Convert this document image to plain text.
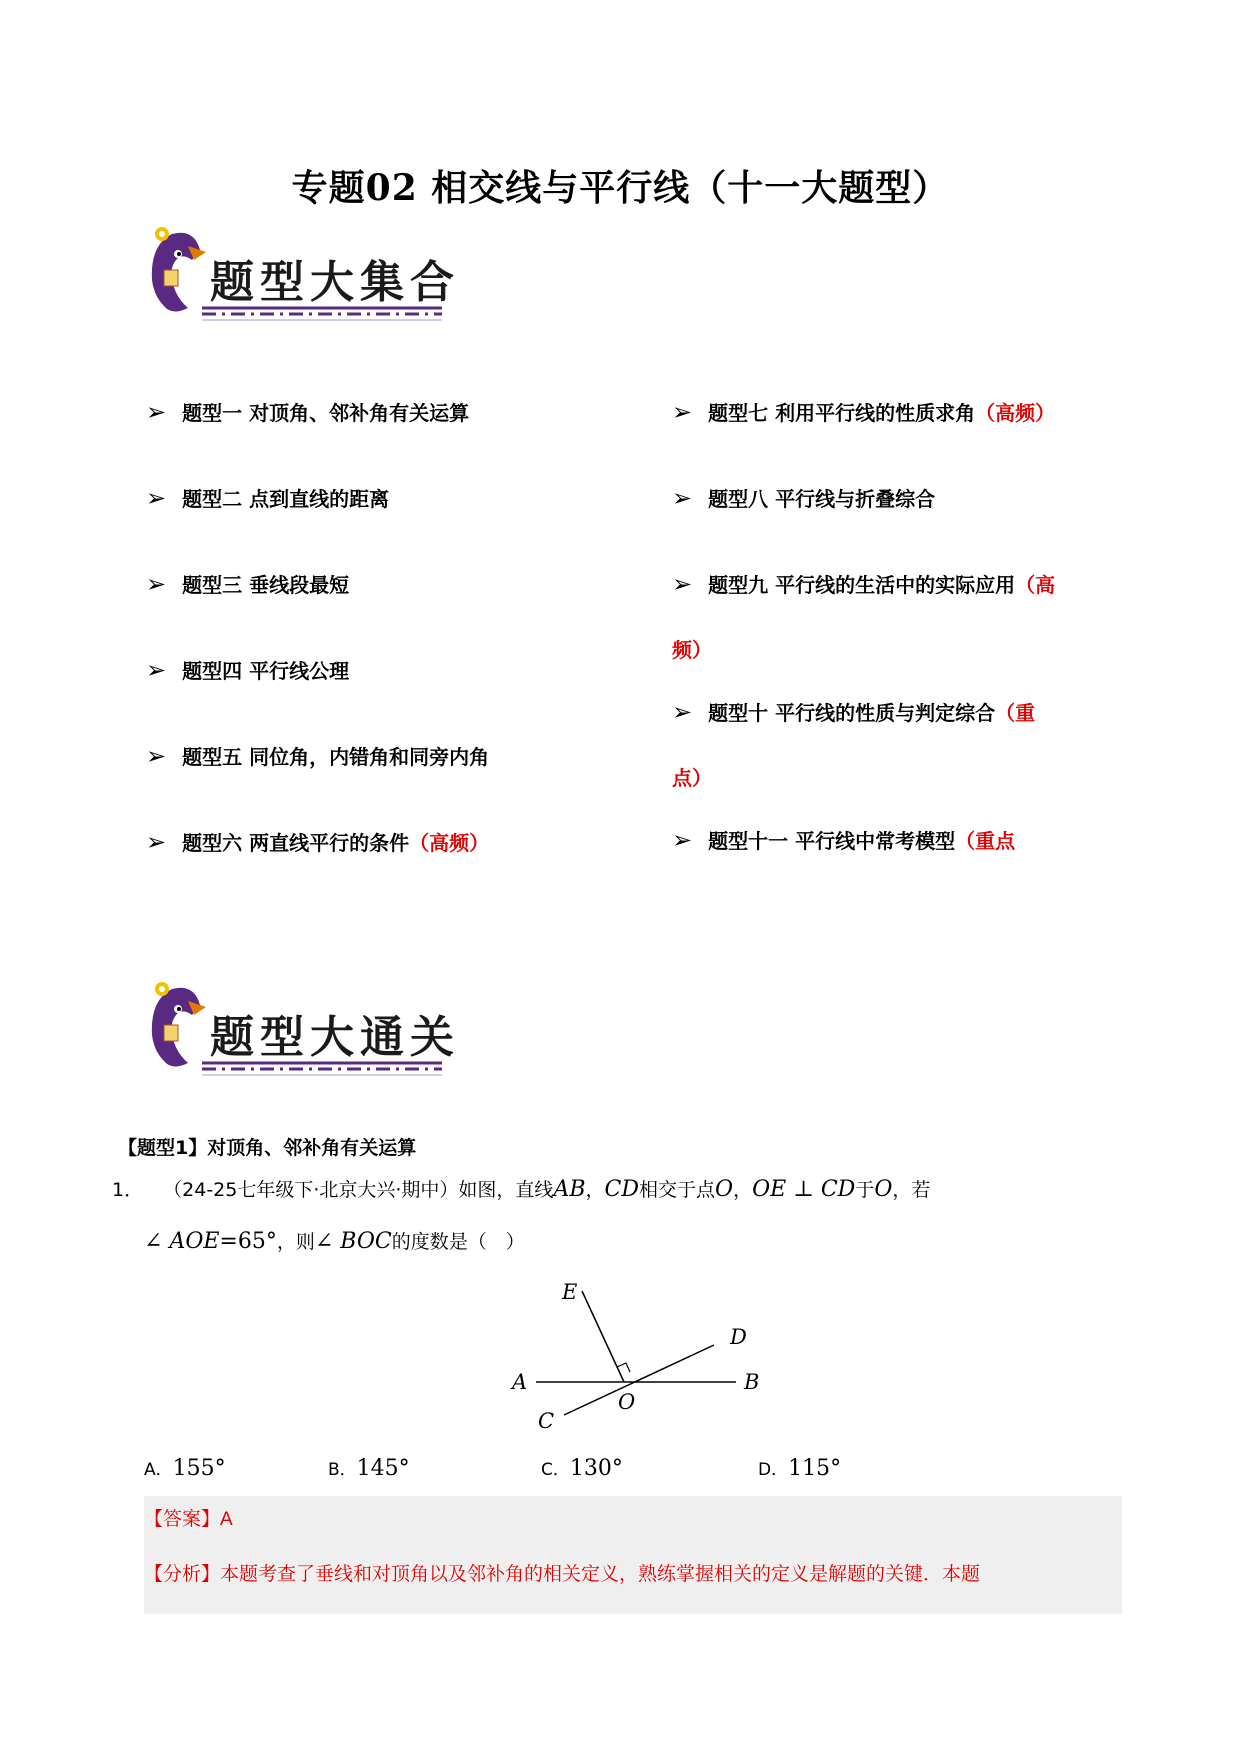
专题02 相交线与平行线（十一大题型）
题型大集合
➢ 题型一 对顶角、邻补角有关运算
➢ 题型二 点到直线的距离
➢ 题型三 垂线段最短
➢ 题型四 平行线公理
➢ 题型五 同位角，内错角和同旁内角
➢ 题型六 两直线平行的条件（高频）
➢ 题型七 利用平行线的性质求角（高频）
➢ 题型八 平行线与折叠综合
➢ 题型九 平行线的生活中的实际应用（高
频）
➢ 题型十 平行线的性质与判定综合（重
点）
➢ 题型十一 平行线中常考模型（重点
题型大通关
【题型1】对顶角、邻补角有关运算
1． （24-25七年级下·北京大兴·期中）如图，直线AB，CD相交于点O，OE ⊥ CD于O，若
∠ AOE=65°，则∠ BOC的度数是（　）
E
D
A	B
C
O
A．155°	B．145°	C．130°	D．115°
【答案】A
【分析】本题考查了垂线和对顶角以及邻补角的相关定义，熟练掌握相关的定义是解题的关键．本题
